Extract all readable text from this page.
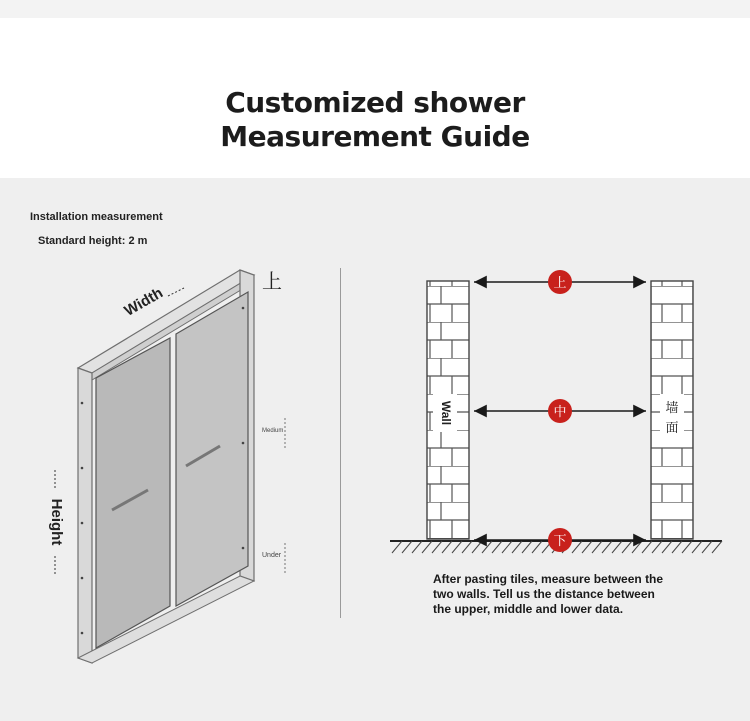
Customized shower
Measurement Guide
Installation measurement
Standard height: 2 m
Width
Height
上
Medium
Under
Wall	墙
面
上
中
下
After pasting tiles, measure between the
two walls. Tell us the distance between
the upper, middle and lower data.
